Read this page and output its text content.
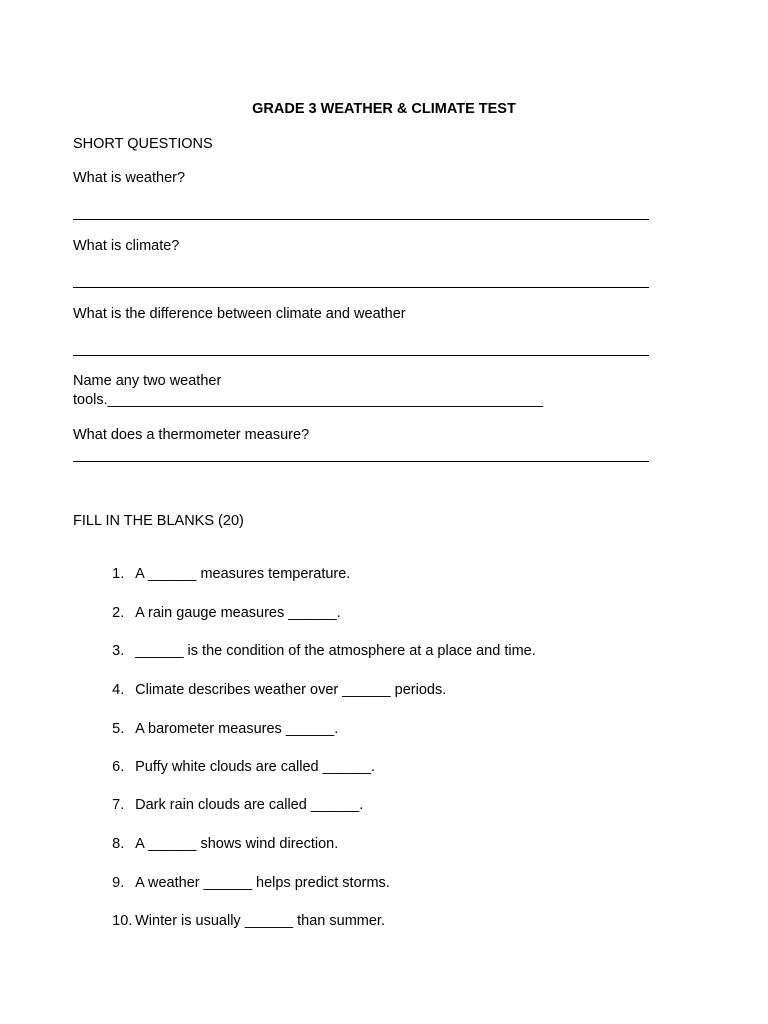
GRADE 3 WEATHER & CLIMATE TEST
SHORT QUESTIONS
What is weather?
What is climate?
What is the difference between climate and weather
Name any two weather
tools.______________________________________________________
What does a thermometer measure?
FILL IN THE BLANKS (20)

1. A ______ measures temperature.

2. A rain gauge measures ______.

3. ______ is the condition of the atmosphere at a place and time.

4. Climate describes weather over ______ periods.

5. A barometer measures ______.

6. Puffy white clouds are called ______.

7. Dark rain clouds are called ______.

8. A ______ shows wind direction.

9. A weather ______ helps predict storms.

10. Winter is usually ______ than summer.
